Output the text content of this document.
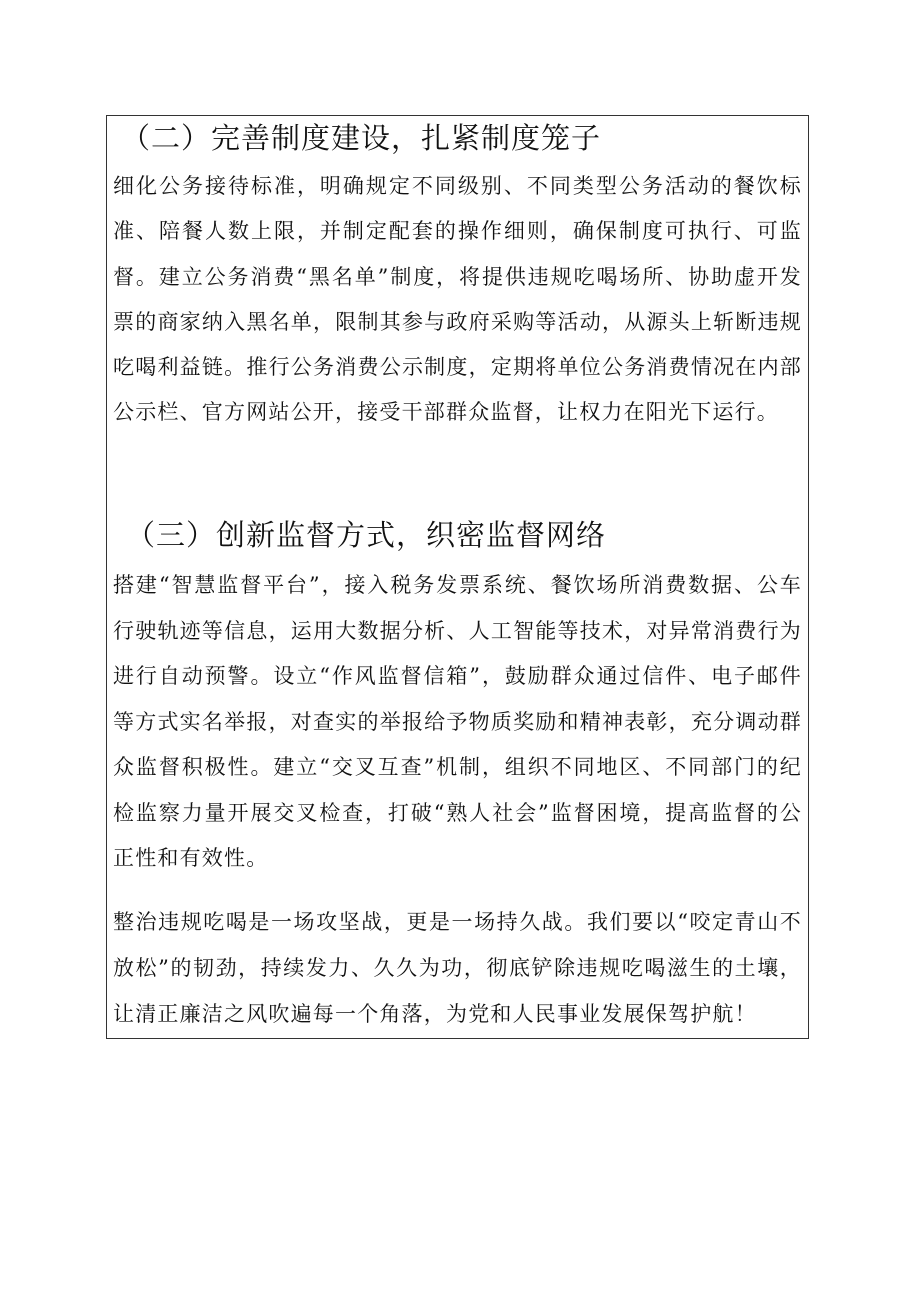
（二）完善制度建设，扎紧制度笼子

细化公务接待标准，明确规定不同级别、不同类型公务活动的餐饮标准、陪餐人数上限，并制定配套的操作细则，确保制度可执行、可监督。建立公务消费“黑名单”制度，将提供违规吃喝场所、协助虚开发票的商家纳入黑名单，限制其参与政府采购等活动，从源头上斩断违规吃喝利益链。推行公务消费公示制度，定期将单位公务消费情况在内部公示栏、官方网站公开，接受干部群众监督，让权力在阳光下运行。

（三）创新监督方式，织密监督网络

搭建“智慧监督平台”，接入税务发票系统、餐饮场所消费数据、公车行驶轨迹等信息，运用大数据分析、人工智能等技术，对异常消费行为进行自动预警。设立“作风监督信箱”，鼓励群众通过信件、电子邮件等方式实名举报，对查实的举报给予物质奖励和精神表彰，充分调动群众监督积极性。建立“交叉互查”机制，组织不同地区、不同部门的纪检监察力量开展交叉检查，打破“熟人社会”监督困境，提高监督的公正性和有效性。

整治违规吃喝是一场攻坚战，更是一场持久战。我们要以“咬定青山不放松”的韧劲，持续发力、久久为功，彻底铲除违规吃喝滋生的土壤，让清正廉洁之风吹遍每一个角落，为党和人民事业发展保驾护航！
